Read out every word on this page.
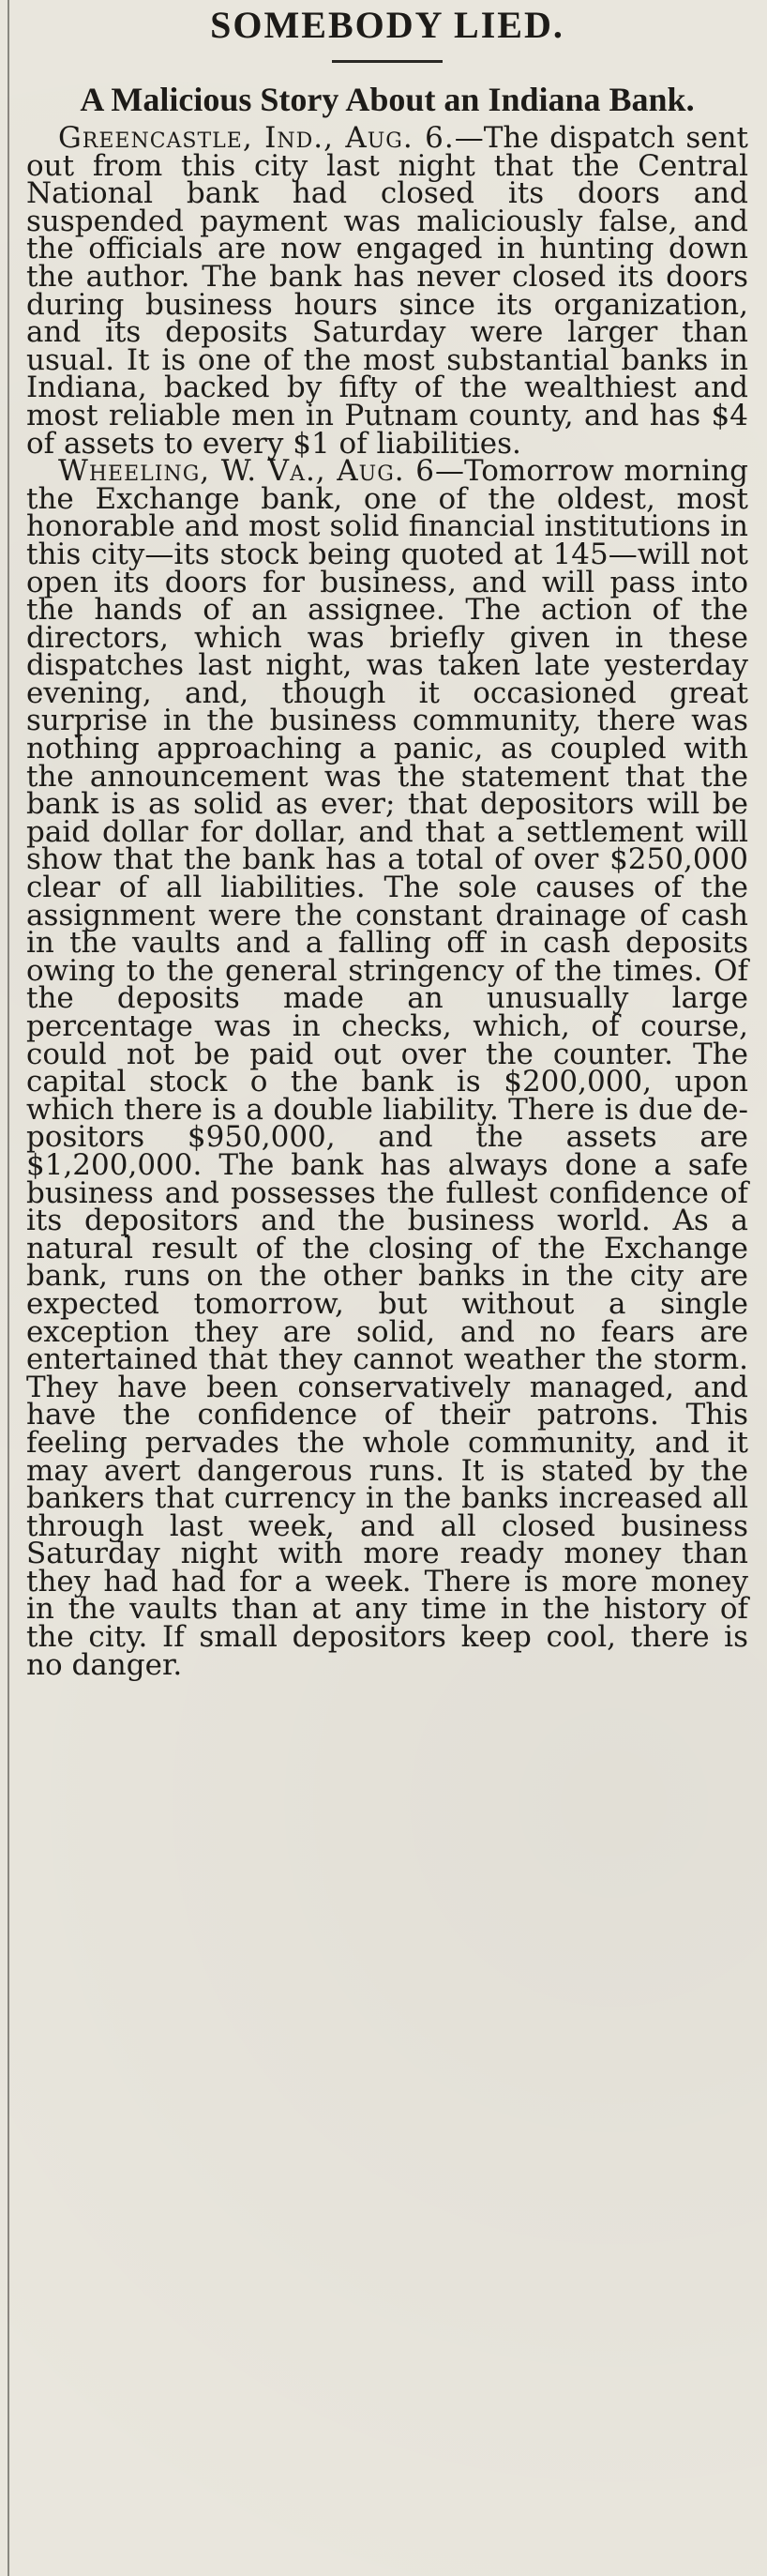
SOMEBODY LIED.
A Malicious Story About an Indiana Bank.

Greencastle, Ind., Aug. 6.—The dispatch sent out from this city last night that the Central National bank had closed its doors and suspended payment was maliciously false, and the officials are now engaged in hunting down the author. The bank has never closed its doors during business hours since its organization, and its deposits Saturday were larger than usual. It is one of the most substantial banks in Indiana, backed by fifty of the wealthiest and most reliable men in Putnam county, and has $4 of assets to every $1 of liabilities.

Wheeling, W. Va., Aug. 6—Tomorrow morning the Exchange bank, one of the oldest, most honorable and most solid financial institutions in this city—its stock being quoted at 145—will not open its doors for business, and will pass into the hands of an assignee. The action of the directors, which was briefly given in these dispatches last night, was taken late yesterday evening, and, though it occasioned great surprise in the business community, there was nothing approaching a panic, as coupled with the announcement was the statement that the bank is as solid as ever; that depositors will be paid dollar for dollar, and that a settlement will show that the bank has a total of over $250,000 clear of all liabilities. The sole causes of the assignment were the constant drainage of cash in the vaults and a falling off in cash deposits owing to the general stringency of the times. Of the deposits made an unusually large percentage was in checks, which, of course, could not be paid out over the counter. The capital stock o the bank is $200,000, upon which there is a double liability. There is due depositors $950,000, and the assets are $1,200,000. The bank has always done a safe business and possesses the fullest confidence of its depositors and the business world. As a natural result of the closing of the Exchange bank, runs on the other banks in the city are expected tomorrow, but without a single exception they are solid, and no fears are entertained that they cannot weather the storm. They have been conservatively managed, and have the confidence of their patrons. This feeling pervades the whole community, and it may avert dangerous runs. It is stated by the bankers that currency in the banks increased all through last week, and all closed business Saturday night with more ready money than they had had for a week. There is more money in the vaults than at any time in the history of the city. If small depositors keep cool, there is no danger.
